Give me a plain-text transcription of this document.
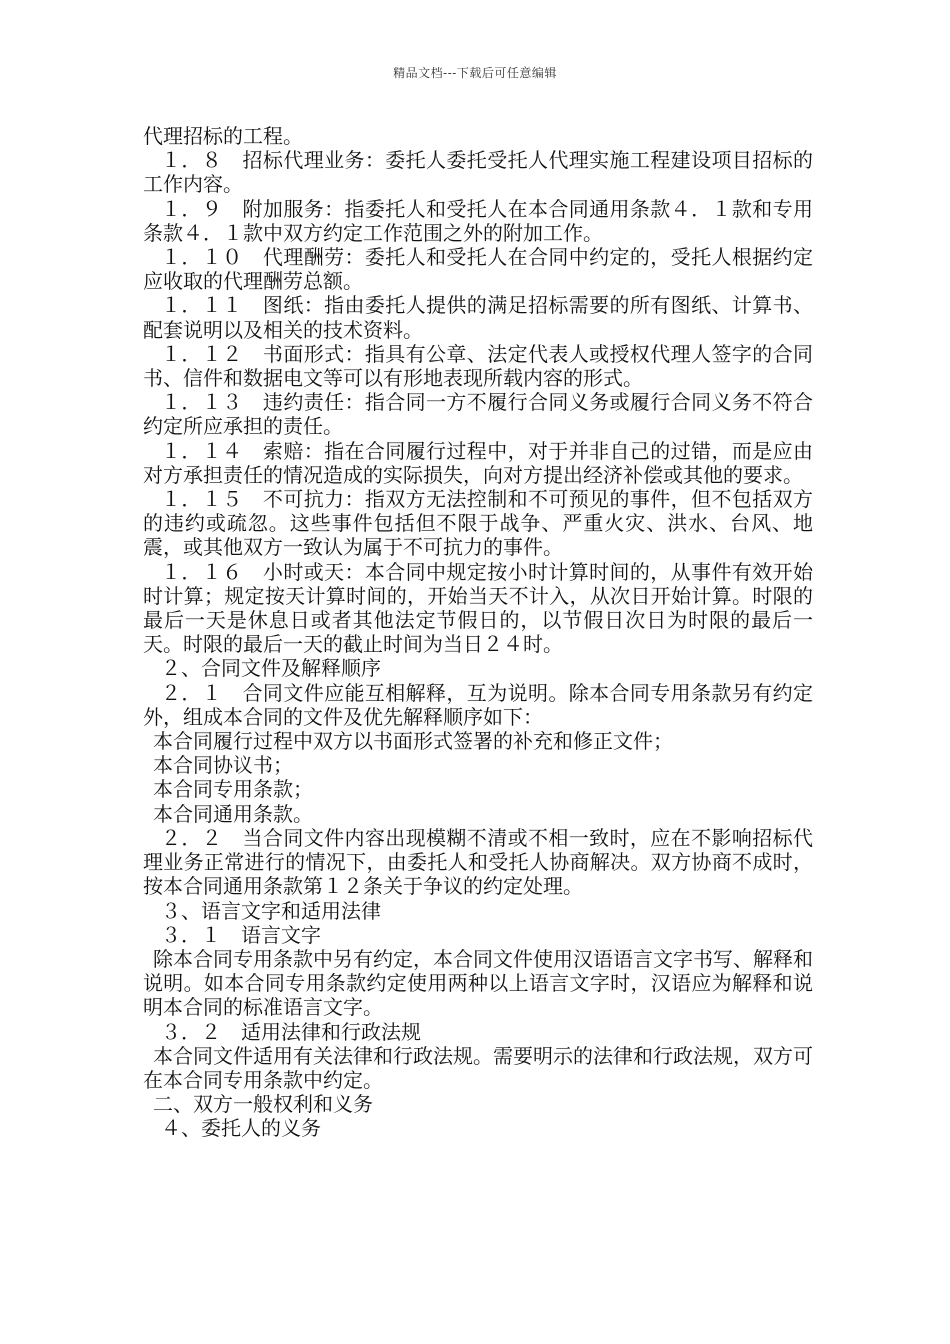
精品文档---下载后可任意编辑

代理招标的工程。

１．８　招标代理业务：委托人委托受托人代理实施工程建设项目招标的工作内容。

１．９　附加服务：指委托人和受托人在本合同通用条款４．１款和专用条款４．１款中双方约定工作范围之外的附加工作。

１．１０　代理酬劳：委托人和受托人在合同中约定的，受托人根据约定应收取的代理酬劳总额。

１．１１　图纸：指由委托人提供的满足招标需要的所有图纸、计算书、配套说明以及相关的技术资料。

１．１２　书面形式：指具有公章、法定代表人或授权代理人签字的合同书、信件和数据电文等可以有形地表现所载内容的形式。

１．１３　违约责任：指合同一方不履行合同义务或履行合同义务不符合约定所应承担的责任。

１．１４　索赔：指在合同履行过程中，对于并非自己的过错，而是应由对方承担责任的情况造成的实际损失，向对方提出经济补偿或其他的要求。

１．１５　不可抗力：指双方无法控制和不可预见的事件，但不包括双方的违约或疏忽。这些事件包括但不限于战争、严重火灾、洪水、台风、地震，或其他双方一致认为属于不可抗力的事件。

１．１６　小时或天：本合同中规定按小时计算时间的，从事件有效开始时计算；规定按天计算时间的，开始当天不计入，从次日开始计算。时限的最后一天是休息日或者其他法定节假日的，以节假日次日为时限的最后一天。时限的最后一天的截止时间为当日２４时。

２、合同文件及解释顺序

２．１　合同文件应能互相解释，互为说明。除本合同专用条款另有约定外，组成本合同的文件及优先解释顺序如下：

本合同履行过程中双方以书面形式签署的补充和修正文件；

本合同协议书；

本合同专用条款；

本合同通用条款。

２．２　当合同文件内容出现模糊不清或不相一致时，应在不影响招标代理业务正常进行的情况下，由委托人和受托人协商解决。双方协商不成时，按本合同通用条款第１２条关于争议的约定处理。

３、语言文字和适用法律

３．１　语言文字

除本合同专用条款中另有约定，本合同文件使用汉语语言文字书写、解释和说明。如本合同专用条款约定使用两种以上语言文字时，汉语应为解释和说明本合同的标准语言文字。

３．２　适用法律和行政法规

本合同文件适用有关法律和行政法规。需要明示的法律和行政法规，双方可在本合同专用条款中约定。

二、双方一般权利和义务

４、委托人的义务
